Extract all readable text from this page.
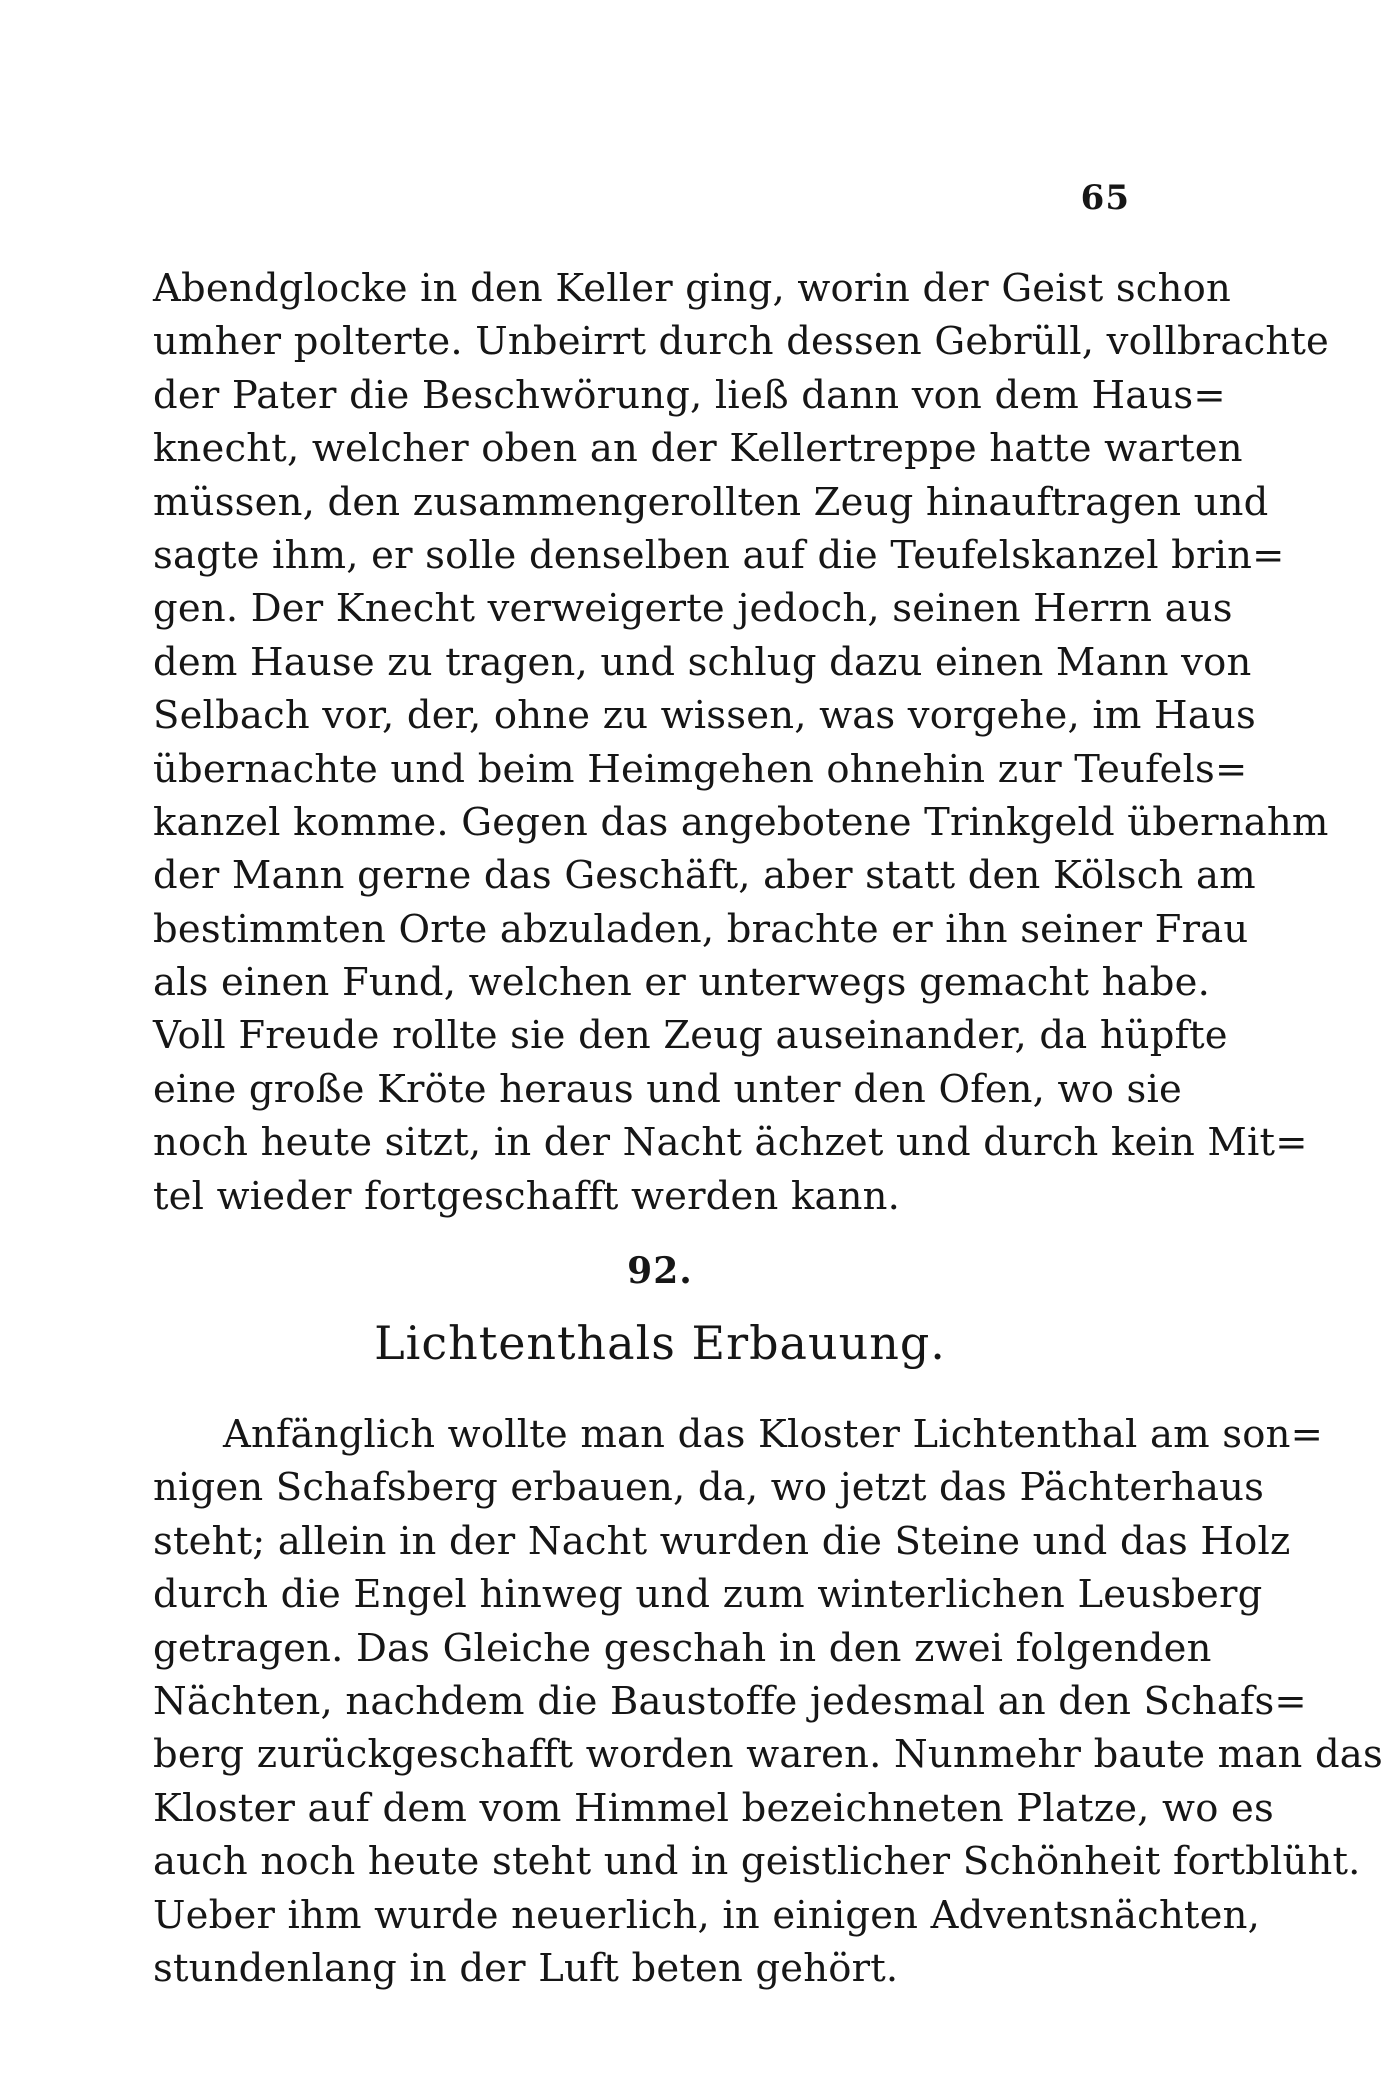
65
Abendglocke in den Keller ging, worin der Geist schon
umher polterte. Unbeirrt durch dessen Gebrüll, vollbrachte
der Pater die Beschwörung, ließ dann von dem Haus=
knecht, welcher oben an der Kellertreppe hatte warten
müssen, den zusammengerollten Zeug hinauftragen und
sagte ihm, er solle denselben auf die Teufelskanzel brin=
gen. Der Knecht verweigerte jedoch, seinen Herrn aus
dem Hause zu tragen, und schlug dazu einen Mann von
Selbach vor, der, ohne zu wissen, was vorgehe, im Haus
übernachte und beim Heimgehen ohnehin zur Teufels=
kanzel komme. Gegen das angebotene Trinkgeld übernahm
der Mann gerne das Geschäft, aber statt den Kölsch am
bestimmten Orte abzuladen, brachte er ihn seiner Frau
als einen Fund, welchen er unterwegs gemacht habe.
Voll Freude rollte sie den Zeug auseinander, da hüpfte
eine große Kröte heraus und unter den Ofen, wo sie
noch heute sitzt, in der Nacht ächzet und durch kein Mit=
tel wieder fortgeschafft werden kann.
92.
Lichtenthals Erbauung.
Anfänglich wollte man das Kloster Lichtenthal am son=
nigen Schafsberg erbauen, da, wo jetzt das Pächterhaus
steht; allein in der Nacht wurden die Steine und das Holz
durch die Engel hinweg und zum winterlichen Leusberg
getragen. Das Gleiche geschah in den zwei folgenden
Nächten, nachdem die Baustoffe jedesmal an den Schafs=
berg zurückgeschafft worden waren. Nunmehr baute man das
Kloster auf dem vom Himmel bezeichneten Platze, wo es
auch noch heute steht und in geistlicher Schönheit fortblüht.
Ueber ihm wurde neuerlich, in einigen Adventsnächten,
stundenlang in der Luft beten gehört.
